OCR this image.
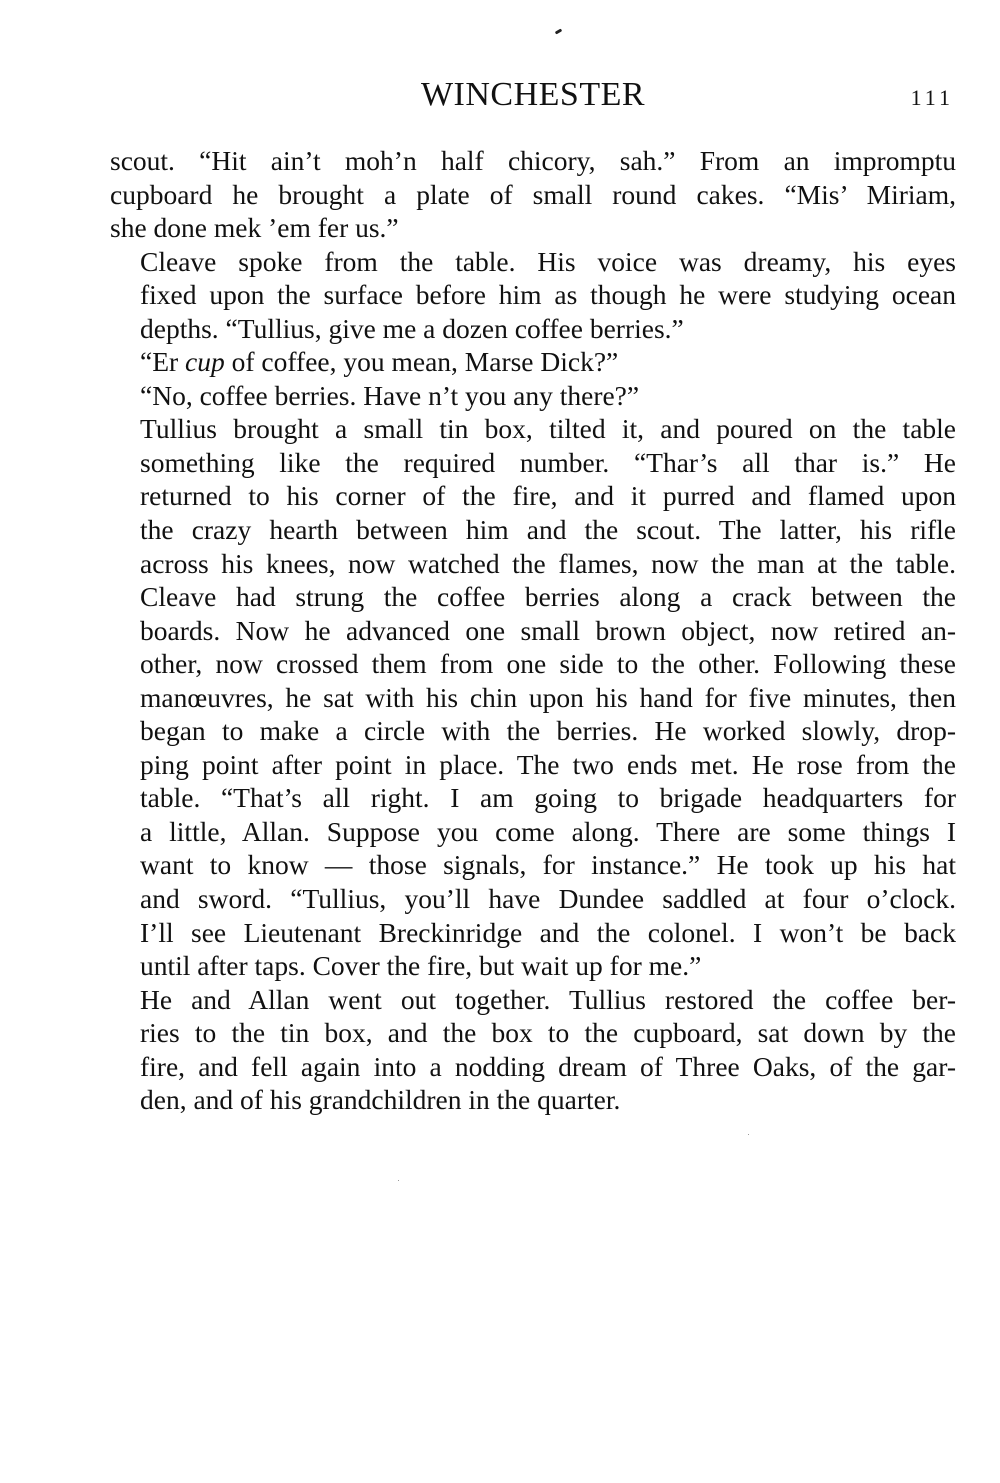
WINCHESTER	111

scout. “Hit ain’t moh’n half chicory, sah.” From an impromptu
cupboard he brought a plate of small round cakes. “Mis’ Miriam,
she done mek ’em fer us.”

Cleave spoke from the table. His voice was dreamy, his eyes
fixed upon the surface before him as though he were studying ocean
depths. “Tullius, give me a dozen coffee berries.”

“Er cup of coffee, you mean, Marse Dick?”

“No, coffee berries. Have n’t you any there?”

Tullius brought a small tin box, tilted it, and poured on the table
something like the required number. “Thar’s all thar is.” He
returned to his corner of the fire, and it purred and flamed upon
the crazy hearth between him and the scout. The latter, his rifle
across his knees, now watched the flames, now the man at the table.
Cleave had strung the coffee berries along a crack between the
boards. Now he advanced one small brown object, now retired an-
other, now crossed them from one side to the other. Following these
manœuvres, he sat with his chin upon his hand for five minutes, then
began to make a circle with the berries. He worked slowly, drop-
ping point after point in place. The two ends met. He rose from the
table. “That’s all right. I am going to brigade headquarters for
a little, Allan. Suppose you come along. There are some things I
want to know — those signals, for instance.” He took up his hat
and sword. “Tullius, you’ll have Dundee saddled at four o’clock.
I’ll see Lieutenant Breckinridge and the colonel. I won’t be back
until after taps. Cover the fire, but wait up for me.”

He and Allan went out together. Tullius restored the coffee ber-
ries to the tin box, and the box to the cupboard, sat down by the
fire, and fell again into a nodding dream of Three Oaks, of the gar-
den, and of his grandchildren in the quarter.
